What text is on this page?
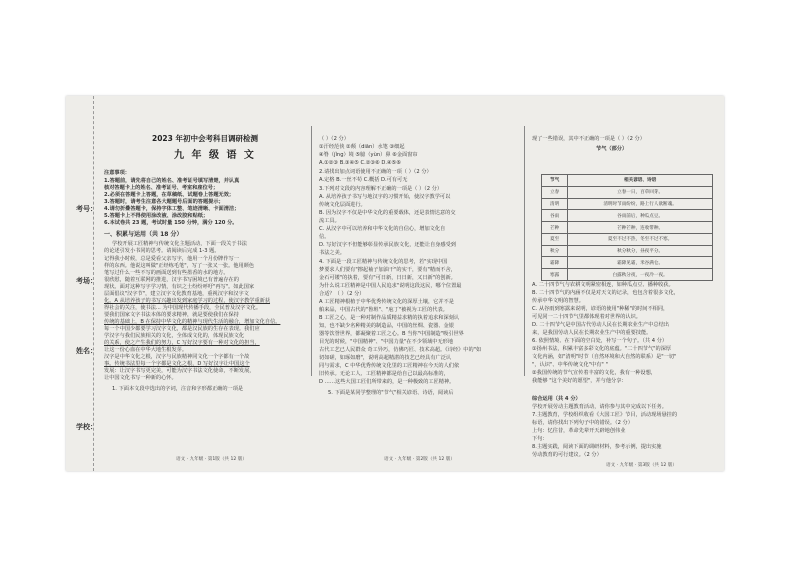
考号：
考场：
姓名：
学校：
2023 年初中会考科目调研检测
九 年 级 语 文
注意事项：
1.答题前，请先将自己的姓名、准考证号填写清楚，并认真
核对答题卡上的姓名、准考证号、考室和座位号；
2.必须在答题卡上答题，在草稿纸、试题卷上答题无效；
3.答题时，请考生注意各大题题号后面的答题提示；
4.请勿折叠答题卡，保持字体工整、笔迹清晰、卡面清洁；
5.答题卡上不得使用涂改液、涂改胶和贴纸；
6.本试卷共 23 题，考试时量 150 分钟，满分 120 分。
一、积累与运用（共 18 分）
学校开展工匠精神与传统文化主题活动，下面一段关于书法
的论述引发小书同的思考。请阅读后完成 1-3 题。
记得我小时候，总是爱看父亲写字，他用一个月份牌作写一
样的东西。他说这叫做"正经练毛笔"，写了一张又一张。他用颜色
笔写过什么一些不写的画面送到有些墨香的水的地方。
很欣慰，随着互联网的推进，汉字书写困境已有普遍存在的
现状。面对这种写字学习情，有识之士纷纷呼吁"再写"。如此国家
层面倡议"汉字节"，建立汉字文化教育基地，重视汉字和汉字文
化。A 从培养孩子的书写兴趣出发到家庭学习的过程，使汉字教学重新获
得社会的关注，使书法... 为中国现代传播手段，全民普及汉字文化。
要我们国家文字书法本体的要求精神，就是要使我们在保持
传统的基础上，B 在保持中华文化的精神与现代生活的融合，增加文化自信。
每一个中国少都要学习汉字文化，都是汉民族的生存在表现。我们应
学汉字与我们民族相关的文化，全体成文化的，体现民族文化
的关系，使之产生我们的努力，C 写好汉字要有一种对文化的担当，
让这一份心血在中华大地生根发芽。
汉字是中华文化之根，汉字与民族精神同文化一个字都有一个故
事。传统书法里每一个字都是文化之根，D 写好汉字让中国这个
发展：让汉字书写更完美，可能为汉字书法文化使命，不断发展，
让中国文化书写一种新的心怀。
1. 下面本文段中选出的字词，注音和字形都正确的一项是
语文 · 九年级 · 第1版（共 12 版）
（ ）（2 分）
①汗经范侠 ②颠（diān）水笔 ③细起
④脊（jǐng）境 ⑤臆（yùn）鼻 ⑥金面窗帘
A.①②③ B.③④⑤ C.②③⑥ D.④⑤⑥
2.请找出加点词语使用不正确的一项（ ）（2 分）
A.定格 B.一丝不苟 C.概括 D.可有可无
3.下列对文段的内容理解不正确的一项是（ ）（2 分）
A. 从培养孩子书写与地汉字的习惯开始，使汉字教学可以
传统文化层面进行。
B. 因为汉字不仅是中华文化的重要载体，还是表情达意的交
流工具。
C. 从汉字中可以培养和中华文化的自信心，增加文化自
信。
D. 写好汉字不但能够彰显传承民族文化，还能让自身感受到
书法之美。
4. 下面是一段工匠精神与传统文化的思考，若"实现中国
梦要求人们要有"擦起袖子加油干"的实干，要有"精而不舍，
金石可镂"的执着，要有"可日新，日日新，又日新"的创新。
为什么说工匠精神是中国人民追求"说明这段这民，哪个位置最
合适？（ ）（2 分）
A 工匠精神根植于中华优秀传统文化的深厚土壤，它并不是
舶来品，中国古代的"鲁班"、"庖丁"被视为工匠的代表。
B 工匠之心，是一种对制作品质精益求精的执着追求和深刻认
知，也不缺少名种精美的制造品，中国的丝绸、瓷器、金银
器等饮誉世界，都凝聚着工匠之心。B 当你"中国制造"吸引世界
目光的时候，"中国精神"、"中国力量"在不少领域中无形地
古代工艺已人民群众 奇工异巧，仿佛巧匠、技术高超。《诗经》中的"如
切如磋，如琢如磨"，说明高超精湛的技艺已经具有广泛认
同与需求，C 中华优秀传统文化里的工匠精神在今天的人们依
旧传承。无论工人、工匠精神都是给自己以最高标准的，
D ……这些大国工匠们所带来的，是一种极致的工匠精神。
5. 下面是某同学整理的"节气"相关谚语、诗语，阅读后
语文 · 九年级 · 第2版（共 12 版）
现了一些错误，其中不正确的一项是（ ）（2 分）
节气（部分）
节气	相关谚语、诗语
立春	立春一日，百草回芽。
清明	清明时节雨纷纷，路上行人欲断魂。
谷雨	谷雨前后，种瓜点豆。
芒种	芒种芒种，连收带种。
夏至	夏至不过不热，冬至不过不寒。
秋分	秋分秋分，昼夜平分。
霜降	霜降见霜，米谷满仓。
寒露	白露秋分夜，一夜冷一夜。
A. 二十四节气与农耕文明紧密相连，如种瓜点豆、播种收获。
B. 二十四节气的内涵不仅是对天文的记录，也包含着很多文化，
传承中华文明的智慧。
C. 从谷雨到寒露来说明，谚语的使用"种稀"的时间不相同，
可见同一二十四节气里都体现着对世界的认识。
D. 二十四节气是中国古代劳动人民在长期农业生产中总结出
来，是我国劳动人民在长期农业生产中的重要技能。
6. 依照情境、在下面的空白处，补写一个句子。（共 4 分）
①扬州书法，积累丰富多彩文化的底蕴。"二十四节气"的深厚
文化内涵，如"清明"时节（自然环境和大自然的联系）是"一切"
"，认识"、中华传统文化"中有" "
②我国传统的节气宣传着丰富的文化，我有一种设想，
我能够 "这个美好的愿望"，并与他分享：
综合运用（共 4 分）
学校开展劳动主题教育活动，请你参与其中完成以下任务。
7.主题教育，学校组织收看《大国工匠》节目，活动现场悬挂的
标语，请你找出下列句子中的错误。（2 分）
上句：忆往昔，革命先辈开天辟地创伟业
下句：
8.主题实践，阅读下面的调研材料，参考示例，提出实施
劳动教育的可行建议。（2 分）
语文 · 九年级 · 第3版（共 12 版）
